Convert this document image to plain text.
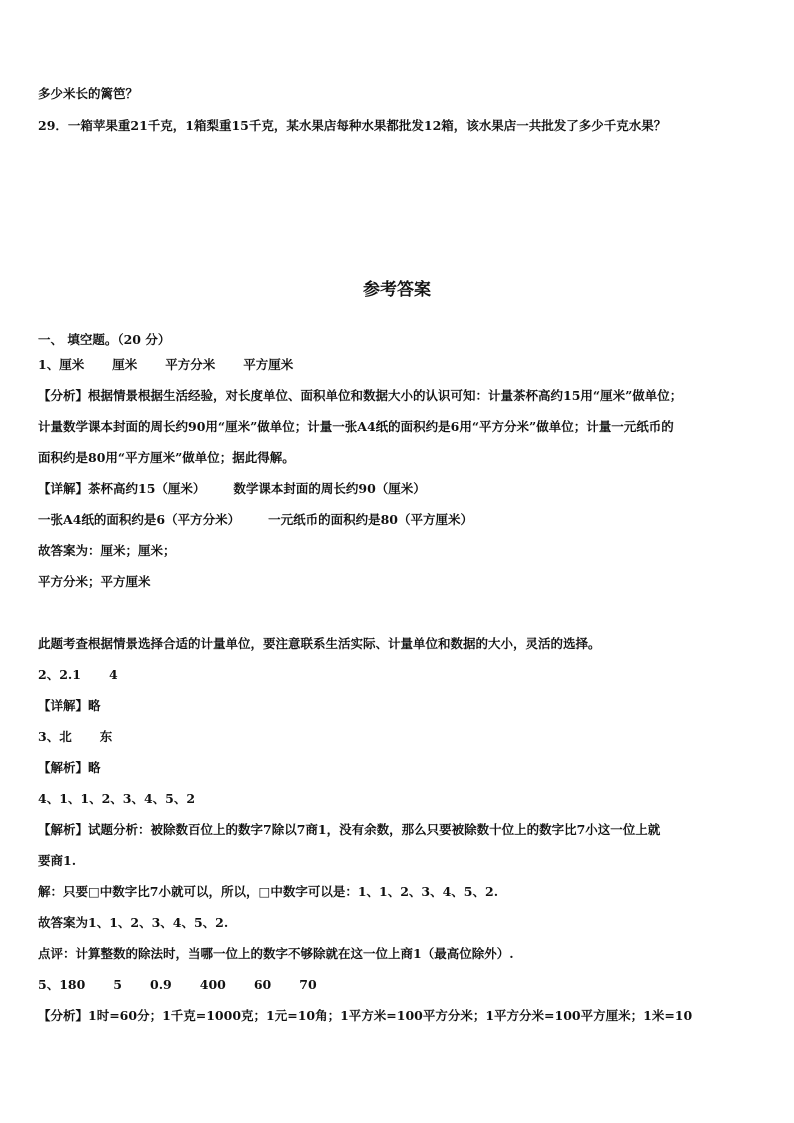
多少米长的篱笆？
29．一箱苹果重21千克，1箱梨重15千克，某水果店每种水果都批发12箱，该水果店一共批发了多少千克水果？
参考答案
一、 填空题。（20 分）
1、厘米 厘米 平方分米 平方厘米
【分析】根据情景根据生活经验，对长度单位、面积单位和数据大小的认识可知：计量茶杯高约15用“厘米”做单位；
计量数学课本封面的周长约90用“厘米”做单位；计量一张A4纸的面积约是6用“平方分米”做单位；计量一元纸币的
面积约是80用“平方厘米”做单位；据此得解。
【详解】茶杯高约15（厘米） 数学课本封面的周长约90（厘米）
一张A4纸的面积约是6（平方分米） 一元纸币的面积约是80（平方厘米）
故答案为：厘米；厘米；
平方分米；平方厘米
此题考查根据情景选择合适的计量单位，要注意联系生活实际、计量单位和数据的大小，灵活的选择。
2、2.1 4
【详解】略
3、北 东
【解析】略
4、1、1、2、3、4、5、2
【解析】试题分析：被除数百位上的数字7除以7商1，没有余数，那么只要被除数十位上的数字比7小这一位上就
要商1.
解：只要□中数字比7小就可以，所以，□中数字可以是：1、1、2、3、4、5、2.
故答案为1、1、2、3、4、5、2.
点评：计算整数的除法时，当哪一位上的数字不够除就在这一位上商1（最高位除外）.
5、180 5 0.9 400 60 70
【分析】1时=60分；1千克=1000克；1元=10角；1平方米=100平方分米；1平方分米=100平方厘米；1米=10
